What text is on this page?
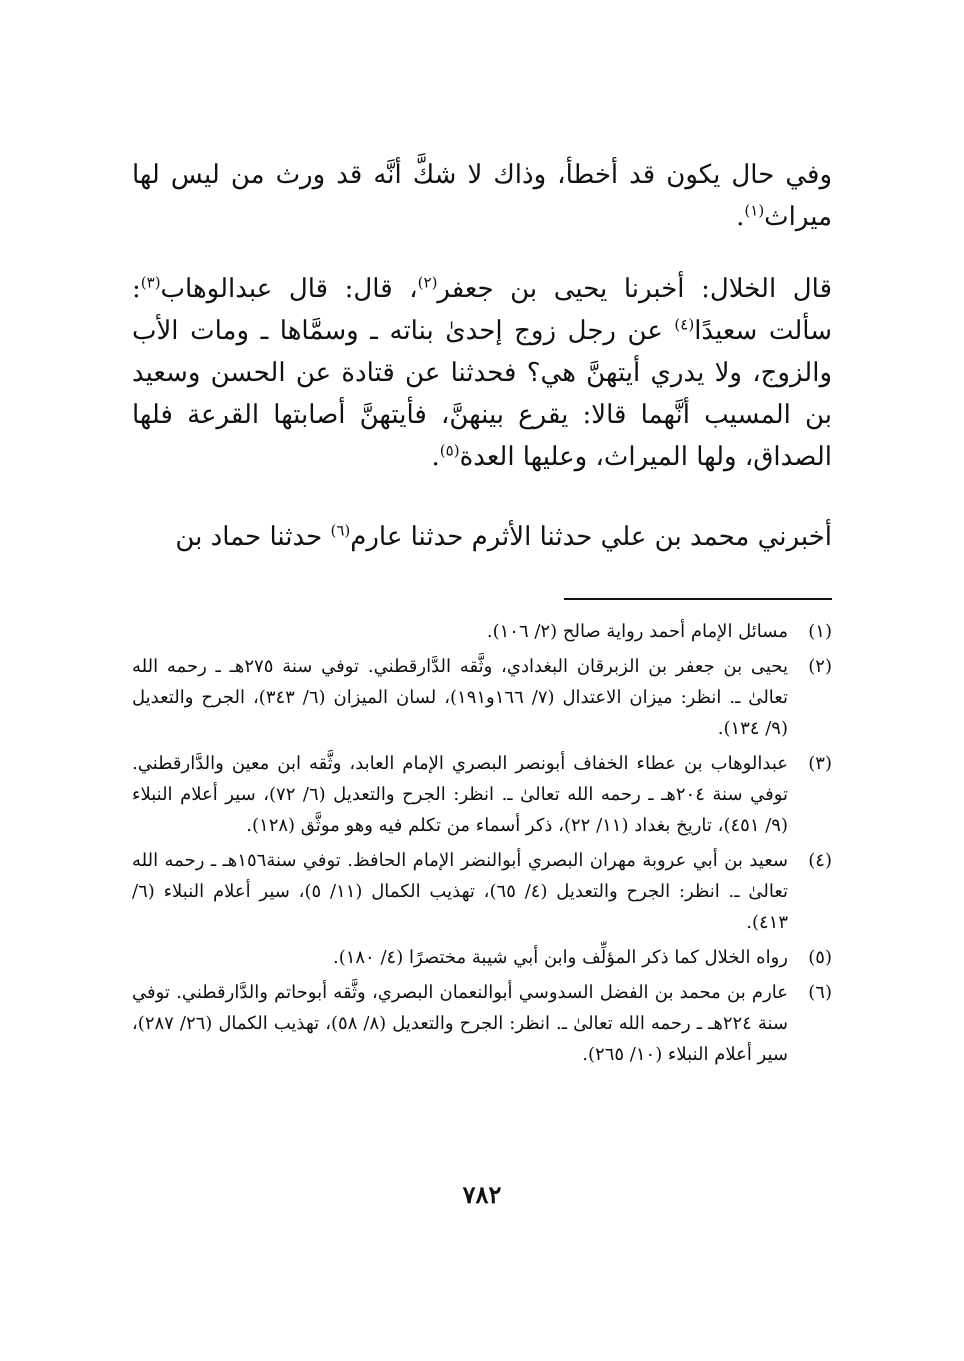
وفي حال يكون قد أخطأ، وذاك لا شكَّ أنَّه قد ورث من ليس لها ميراث$^{(١)}$.

قال الخلال: أخبرنا يحيى بن جعفر$^{(٢)}$، قال: قال عبدالوهاب$^{(٣)}$: سألت سعيدًا$^{(٤)}$ عن رجل زوج إحدىٰ بناته ـ وسمَّاها ـ ومات الأب والزوج، ولا يدري أيتهنَّ هي؟ فحدثنا عن قتادة عن الحسن وسعيد بن المسيب أنَّهما قالا: يقرع بينهنَّ، فأيتهنَّ أصابتها القرعة فلها الصداق، ولها الميراث، وعليها العدة$^{(٥)}$.

أخبرني محمد بن علي حدثنا الأثرم حدثنا عارم$^{(٦)}$ حدثنا حماد بن

(١)
مسائل الإمام أحمد رواية صالح (٢/ ١٠٦).
(٢)
يحيى بن جعفر بن الزبرقان البغدادي، وثَّقه الدَّارقطني. توفي سنة ٢٧٥هـ ـ رحمه الله تعالىٰ ـ. انظر: ميزان الاعتدال (٧/ ١٦٦و١٩١)، لسان الميزان (٦/ ٣٤٣)، الجرح والتعديل (٩/ ١٣٤).
(٣)
عبدالوهاب بن عطاء الخفاف أبونصر البصري الإمام العابد، وثَّقه ابن معين والدَّارقطني. توفي سنة ٢٠٤هـ ـ رحمه الله تعالىٰ ـ. انظر: الجرح والتعديل (٦/ ٧٢)، سير أعلام النبلاء (٩/ ٤٥١)، تاريخ بغداد (١١/ ٢٢)، ذكر أسماء من تكلم فيه وهو موثَّق (١٢٨).
(٤)
سعيد بن أبي عروبة مهران البصري أبوالنضر الإمام الحافظ. توفي سنة١٥٦هـ ـ رحمه الله تعالىٰ ـ. انظر: الجرح والتعديل (٤/ ٦٥)، تهذيب الكمال (١١/ ٥)، سير أعلام النبلاء (٦/ ٤١٣).
(٥)
رواه الخلال كما ذكر المؤلِّف وابن أبي شيبة مختصرًا (٤/ ١٨٠).
(٦)
عارم بن محمد بن الفضل السدوسي أبوالنعمان البصري، وثَّقه أبوحاتم والدَّارقطني. توفي سنة ٢٢٤هـ ـ رحمه الله تعالىٰ ـ. انظر: الجرح والتعديل (٨/ ٥٨)، تهذيب الكمال (٢٦/ ٢٨٧)، سير أعلام النبلاء (١٠/ ٢٦٥).
٧٨٢
